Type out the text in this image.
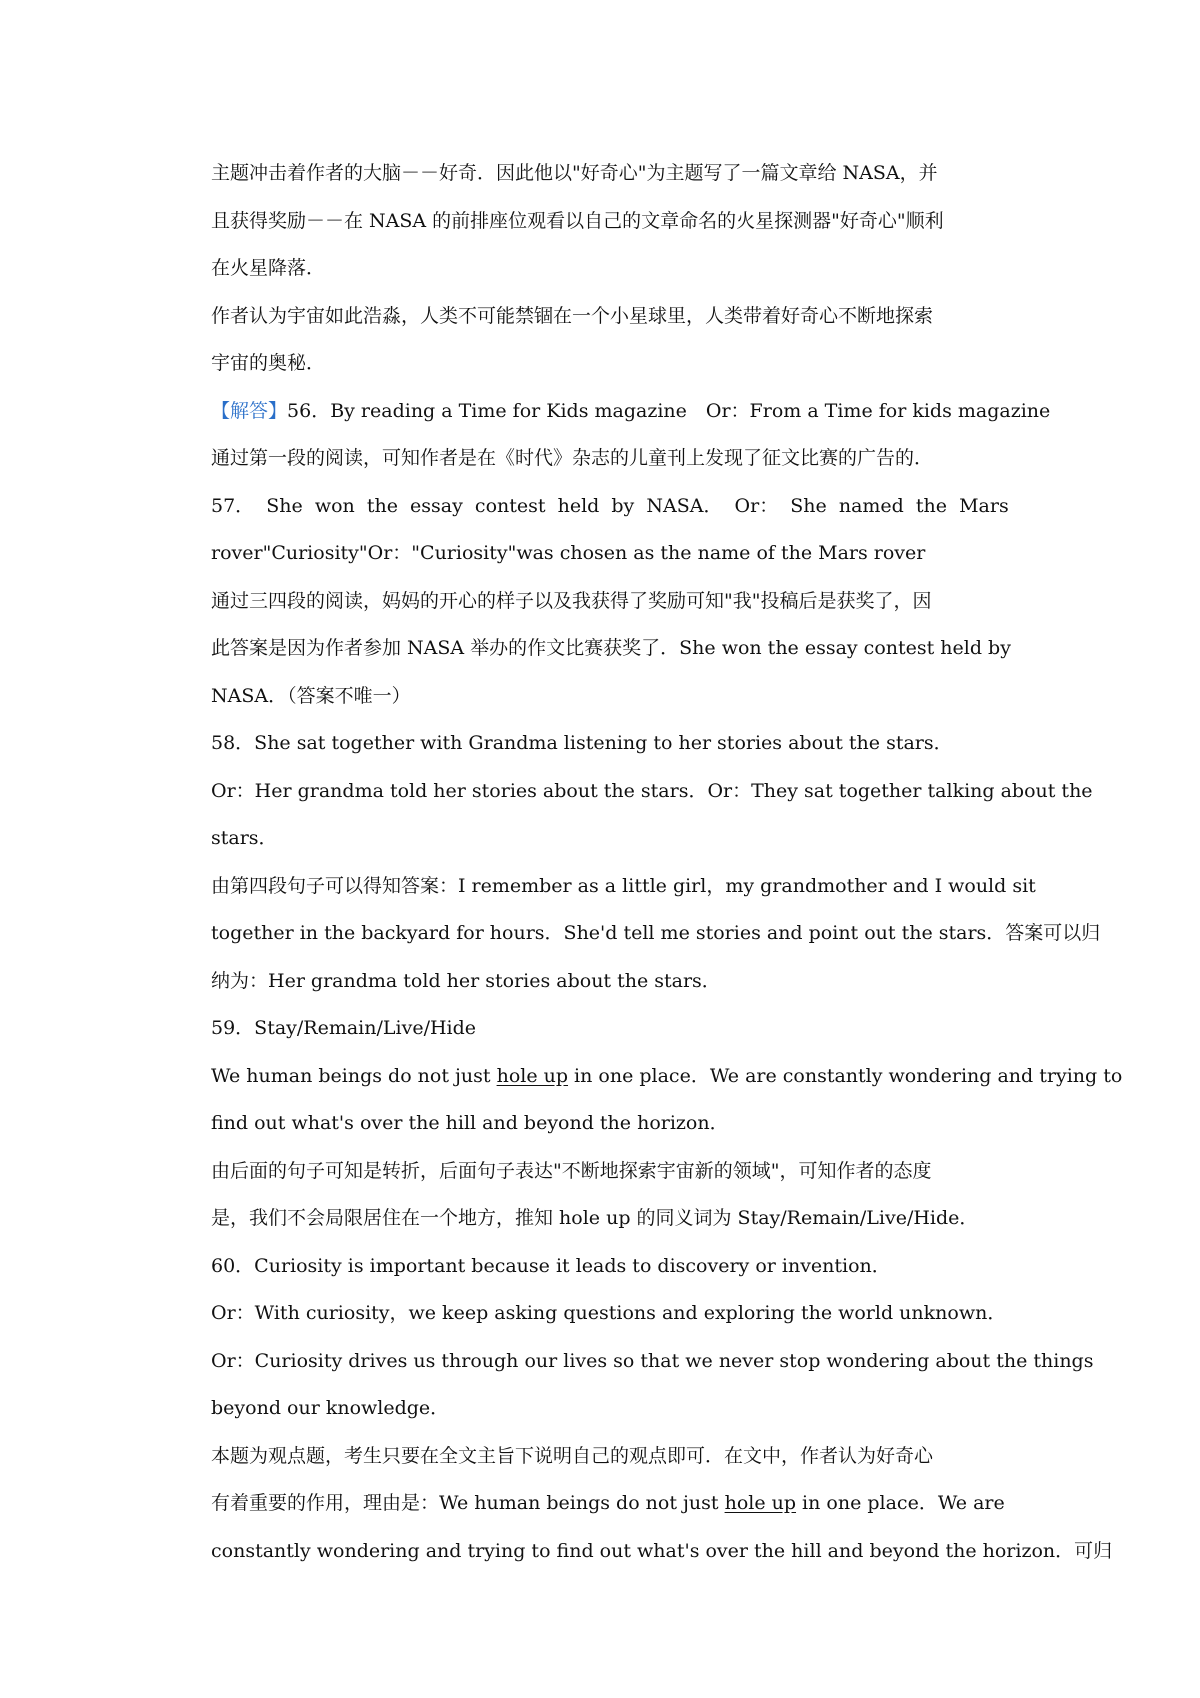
主题冲击着作者的大脑－－好奇．因此他以"好奇心"为主题写了一篇文章给 NASA，并
且获得奖励－－在 NASA 的前排座位观看以自己的文章命名的火星探测器"好奇心"顺利
在火星降落．
作者认为宇宙如此浩淼，人类不可能禁锢在一个小星球里，人类带着好奇心不断地探索
宇宙的奥秘．
【解答】56．By reading a Time for Kids magazine　Or：From a Time for kids magazine
通过第一段的阅读，可知作者是在《时代》杂志的儿童刊上发现了征文比赛的广告的．
57．  She  won  the  essay  contest  held  by  NASA．  Or：  She  named  the  Mars
rover"Curiosity"Or："Curiosity"was chosen as the name of the Mars rover
通过三四段的阅读，妈妈的开心的样子以及我获得了奖励可知"我"投稿后是获奖了，因
此答案是因为作者参加 NASA 举办的作文比赛获奖了．She won the essay contest held by
NASA．（答案不唯一）
58．She sat together with Grandma listening to her stories about the stars．
Or：Her grandma told her stories about the stars．Or：They sat together talking about the
stars．
由第四段句子可以得知答案：I remember as a little girl，my grandmother and I would sit
together in the backyard for hours．She'd tell me stories and point out the stars．答案可以归
纳为：Her grandma told her stories about the stars．
59．Stay/Remain/Live/Hide
We human beings do not just hole up in one place．We are constantly wondering and trying to
find out what's over the hill and beyond the horizon．
由后面的句子可知是转折，后面句子表达"不断地探索宇宙新的领域"，可知作者的态度
是，我们不会局限居住在一个地方，推知 hole up 的同义词为 Stay/Remain/Live/Hide．
60．Curiosity is important because it leads to discovery or invention．
Or：With curiosity，we keep asking questions and exploring the world unknown．
Or：Curiosity drives us through our lives so that we never stop wondering about the things
beyond our knowledge．
本题为观点题，考生只要在全文主旨下说明自己的观点即可．在文中，作者认为好奇心
有着重要的作用，理由是：We human beings do not just hole up in one place．We are
constantly wondering and trying to find out what's over the hill and beyond the horizon．可归
